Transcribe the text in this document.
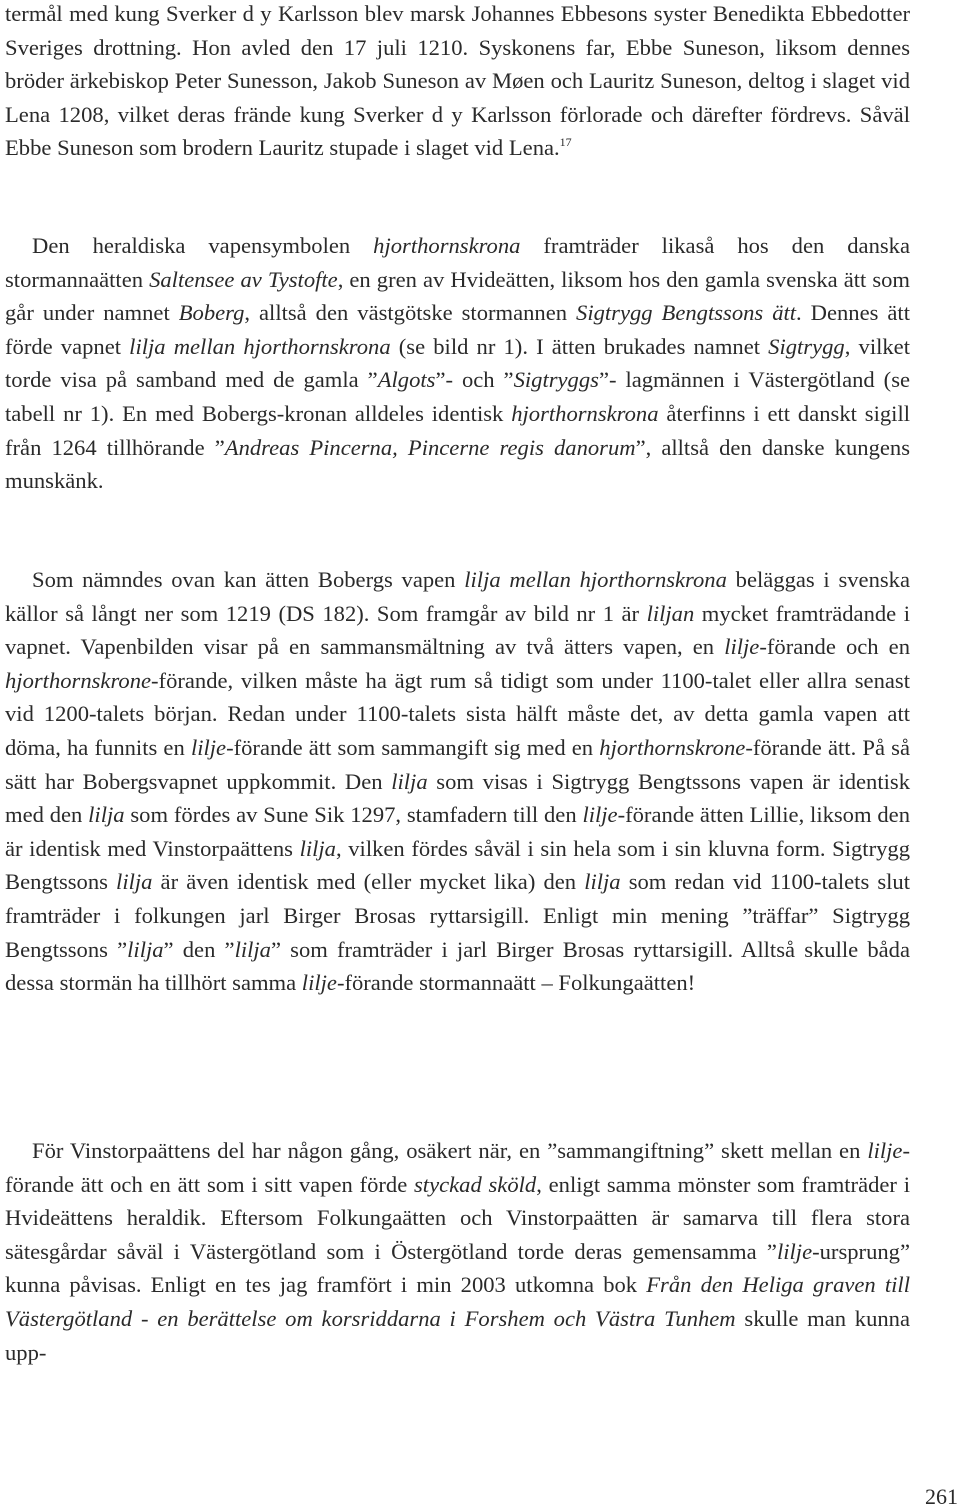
termål med kung Sverker d y Karlsson blev marsk Johannes Ebbesons syster Benedikta Ebbedotter Sveriges drottning. Hon avled den 17 juli 1210. Syskonens far, Ebbe Suneson, liksom dennes bröder ärkebiskop Peter Sunesson, Jakob Suneson av Møen och Lauritz Suneson, deltog i slaget vid Lena 1208, vilket deras frände kung Sverker d y Karlsson förlorade och därefter fördrevs. Såväl Ebbe Suneson som brodern Lauritz stupade i slaget vid Lena.$^{17}$

Den heraldiska vapensymbolen hjorthornskrona framträder likaså hos den danska stormannaätten Saltensee av Tystofte, en gren av Hvideätten, liksom hos den gamla svenska ätt som går under namnet Boberg, alltså den västgötske stormannen Sigtrygg Bengtssons ätt. Dennes ätt förde vapnet lilja mellan hjorthornskrona (se bild nr 1). I ätten brukades namnet Sigtrygg, vilket torde visa på samband med de gamla ”Algots”- och ”Sigtryggs”- lagmännen i Västergötland (se tabell nr 1). En med Bobergs-kronan alldeles identisk hjorthornskrona återfinns i ett danskt sigill från 1264 tillhörande ”Andreas Pincerna, Pincerne regis danorum”, alltså den danske kungens munskänk.

Som nämndes ovan kan ätten Bobergs vapen lilja mellan hjorthornskrona beläggas i svenska källor så långt ner som 1219 (DS 182). Som framgår av bild nr 1 är liljan mycket framträdande i vapnet. Vapenbilden visar på en sammansmältning av två ätters vapen, en lilje-förande och en hjorthornskrone-förande, vilken måste ha ägt rum så tidigt som under 1100-talet eller allra senast vid 1200-talets början. Redan under 1100-talets sista hälft måste det, av detta gamla vapen att döma, ha funnits en lilje-förande ätt som sammangift sig med en hjorthornskrone-förande ätt. På så sätt har Bobergsvapnet uppkommit. Den lilja som visas i Sigtrygg Bengtssons vapen är identisk med den lilja som fördes av Sune Sik 1297, stamfadern till den lilje-förande ätten Lillie, liksom den är identisk med Vinstorpaättens lilja, vilken fördes såväl i sin hela som i sin kluvna form. Sigtrygg Bengtssons lilja är även identisk med (eller mycket lika) den lilja som redan vid 1100-talets slut framträder i folkungen jarl Birger Brosas ryttarsigill. Enligt min mening ”träffar” Sigtrygg Bengtssons ”lilja” den ”lilja” som framträder i jarl Birger Brosas ryttarsigill. Alltså skulle båda dessa stormän ha tillhört samma lilje-förande stormannaätt – Folkungaätten!

För Vinstorpaättens del har någon gång, osäkert när, en ”sammangiftning” skett mellan en lilje-förande ätt och en ätt som i sitt vapen förde styckad sköld, enligt samma mönster som framträder i Hvideättens heraldik. Eftersom Folkungaätten och Vinstorpaätten är samarva till flera stora sätesgårdar såväl i Västergötland som i Östergötland torde deras gemensamma ”lilje-ursprung” kunna påvisas. Enligt en tes jag framfört i min 2003 utkomna bok Från den Heliga graven till Västergötland - en berättelse om korsriddarna i Forshem och Västra Tunhem skulle man kunna upp-

261
